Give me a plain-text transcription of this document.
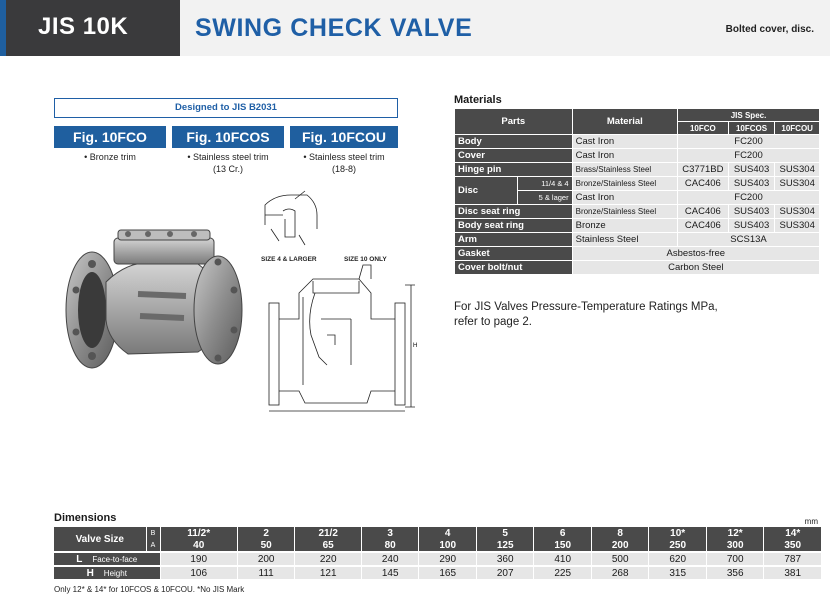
JIS 10K	SWING CHECK VALVE	Bolted cover, disc.
Designed to JIS B2031
Fig. 10FCO	Fig. 10FCOS	Fig. 10FCOU
• Bronze trim	• Stainless steel trim
(13 Cr.)
• Stainless steel trim
(18-8)
H
SIZE 4 & LARGER	SIZE 10 ONLY
Materials
Parts		Material	JIS Spec.		
			10FCO	10FCOS	10FCOU
Body		Cast Iron	FC200		
Cover		Cast Iron	FC200		
Hinge pin		Brass/Stainless Steel	C3771BD	SUS403	SUS304
Disc	11/4 & 4	Bronze/Stainless Steel	CAC406	SUS403	SUS304
	5 & lager	Cast Iron	FC200		
Disc seat ring		Bronze/Stainless Steel	CAC406	SUS403	SUS304
Body seat ring		Bronze	CAC406	SUS403	SUS304
Arm		Stainless Steel	SCS13A		
Gasket		Asbestos-free			
Cover bolt/nut		Carbon Steel			
For JIS Valves Pressure-Temperature Ratings MPa,
refer to page 2.
Dimensions	mm
Valve Size	B	11/2*	2	21/2	3	4	5	6	8	10*	12*	14*
	A	40	50	65	80	100	125	150	200	250	300	350

L Face-to-face		190	200	220	240	290	360	410	500	620	700	787

H Height		106	111	121	145	165	207	225	268	315	356	381
Only 12* & 14* for 10FCOS & 10FCOU. *No JIS Mark
